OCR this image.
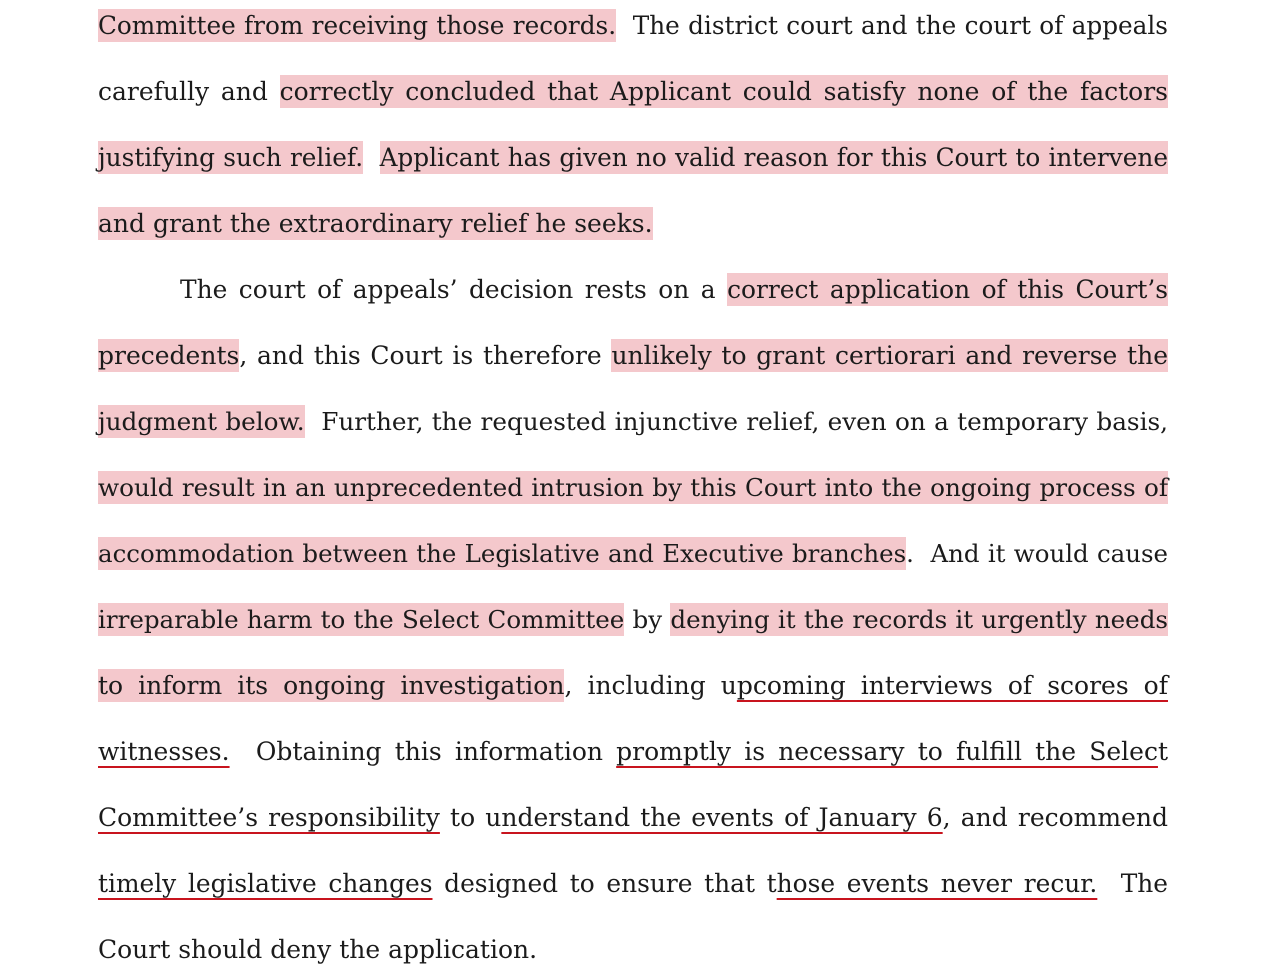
Committee from receiving those records.  The district court and the court of appeals
carefully and correctly concluded that Applicant could satisfy none of the factors
justifying such relief. Applicant has given no valid reason for this Court to intervene
and grant the extraordinary relief he seeks.
The court of appeals’ decision rests on a correct application of this Court’s
precedents, and this Court is therefore unlikely to grant certiorari and reverse the
judgment below.  Further, the requested injunctive relief, even on a temporary basis,
would result in an unprecedented intrusion by this Court into the ongoing process of
accommodation between the Legislative and Executive branches.  And it would cause
irreparable harm to the Select Committee by denying it the records it urgently needs
to inform its ongoing investigation, including upcoming interviews of scores of
witnesses.  Obtaining this information promptly is necessary to fulfill the Select
Committee’s responsibility to understand the events of January 6, and recommend
timely legislative changes designed to ensure that those events never recur.  The
Court should deny the application.
